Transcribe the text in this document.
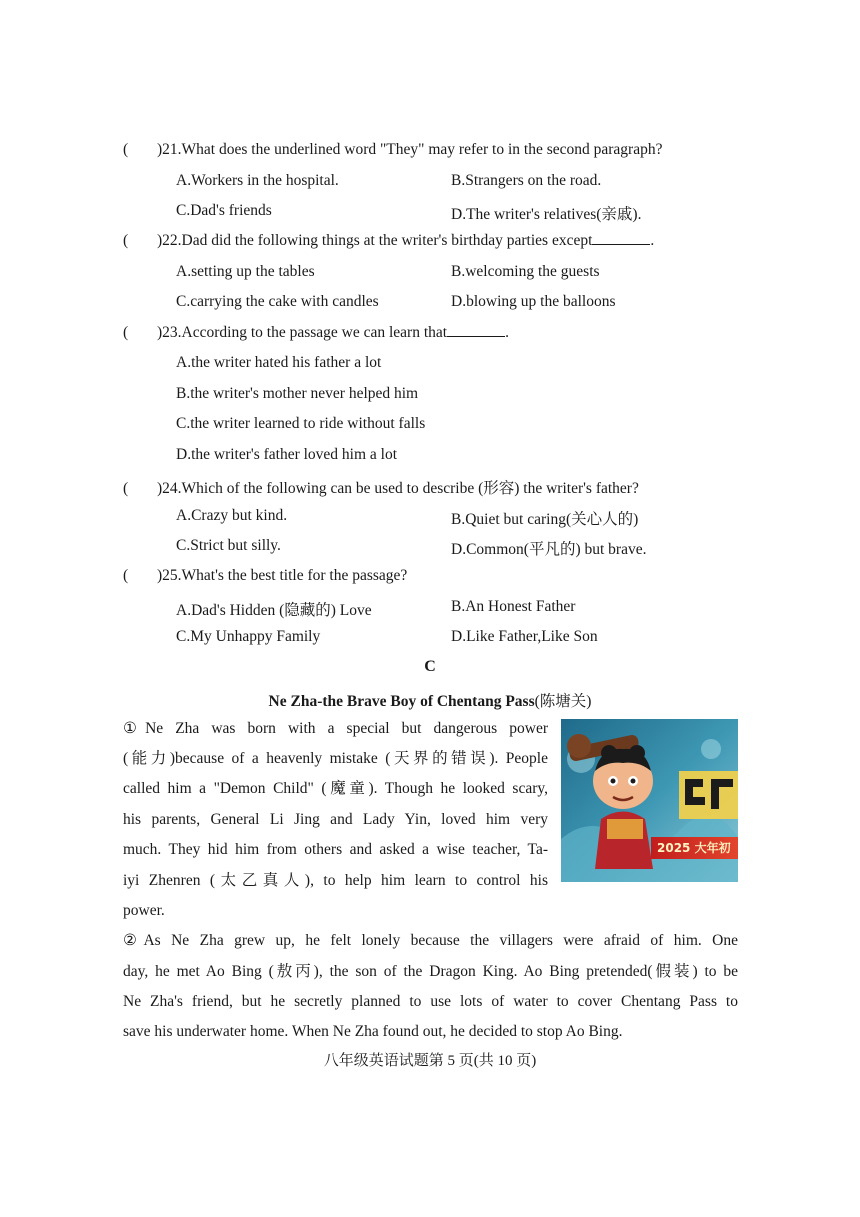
( )21.What does the underlined word "They" may refer to in the second paragraph?
A.Workers in the hospital.	B.Strangers on the road.
C.Dad's friends	D.The writer's relatives(亲戚).
( )22.Dad did the following things at the writer's birthday parties except	.
A.setting up the tables	B.welcoming the guests
C.carrying the cake with candles	D.blowing up the balloons
( )23.According to the passage we can learn that	.
A.the writer hated his father a lot
B.the writer's mother never helped him
C.the writer learned to ride without falls
D.the writer's father loved him a lot
( )24.Which of the following can be used to describe (形容) the writer's father?
A.Crazy but kind.	B.Quiet but caring(关心人的)
C.Strict but silly.	D.Common(平凡的) but brave.
( )25.What's the best title for the passage?
A.Dad's Hidden (隐藏的) Love	B.An Honest Father
C.My Unhappy Family	D.Like Father,Like Son
C
Ne Zha-the Brave Boy of Chentang Pass(陈塘关)
①Ne Zha was born with a special but dangerous power
(能力)because of a heavenly mistake (天界的错误). People
called him a "Demon Child" (魔童). Though he looked scary,
his parents, General Li Jing and Lady Yin, loved him very
much. They hid him from others and asked a wise teacher, Ta-
iyi Zhenren (太乙真人), to help him learn to control his
power.
2025 大年初
②As Ne Zha grew up, he felt lonely because the villagers were afraid of him. One
day, he met Ao Bing (敖丙), the son of the Dragon King. Ao Bing pretended(假装) to be
Ne Zha's friend, but he secretly planned to use lots of water to cover Chentang Pass to
save his underwater home. When Ne Zha found out, he decided to stop Ao Bing.
八年级英语试题第 5 页(共 10 页)
